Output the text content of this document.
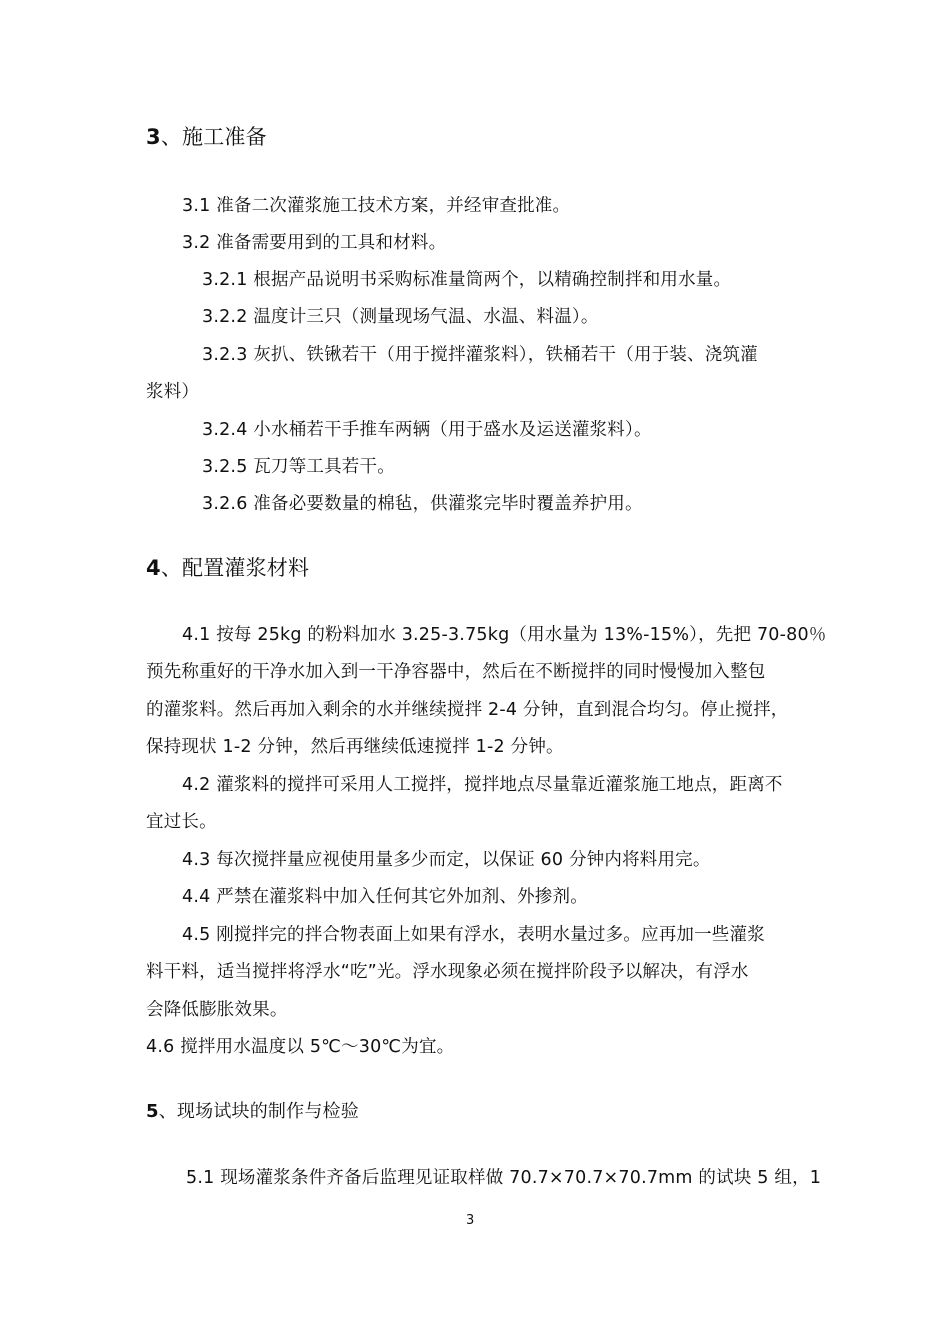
3、施工准备
3.1 准备二次灌浆施工技术方案，并经审查批准。
3.2 准备需要用到的工具和材料。
3.2.1 根据产品说明书采购标准量筒两个，以精确控制拌和用水量。
3.2.2 温度计三只（测量现场气温、水温、料温）。
3.2.3 灰扒、铁锹若干（用于搅拌灌浆料），铁桶若干（用于装、浇筑灌
浆料）
3.2.4 小水桶若干手推车两辆（用于盛水及运送灌浆料）。
3.2.5 瓦刀等工具若干。
3.2.6 准备必要数量的棉毡，供灌浆完毕时覆盖养护用。
4、配置灌浆材料
4.1 按每 25kg 的粉料加水 3.25-3.75kg（用水量为 13%-15%），先把 70-80％
预先称重好的干净水加入到一干净容器中，然后在不断搅拌的同时慢慢加入整包
的灌浆料。然后再加入剩余的水并继续搅拌 2-4 分钟，直到混合均匀。停止搅拌，
保持现状 1-2 分钟，然后再继续低速搅拌 1-2 分钟。
4.2 灌浆料的搅拌可采用人工搅拌，搅拌地点尽量靠近灌浆施工地点，距离不
宜过长。
4.3 每次搅拌量应视使用量多少而定，以保证 60 分钟内将料用完。
4.4 严禁在灌浆料中加入任何其它外加剂、外掺剂。
4.5 刚搅拌完的拌合物表面上如果有浮水，表明水量过多。应再加一些灌浆
料干料，适当搅拌将浮水“吃”光。浮水现象必须在搅拌阶段予以解决，有浮水
会降低膨胀效果。
4.6 搅拌用水温度以 5℃～30℃为宜。
5、现场试块的制作与检验
5.1 现场灌浆条件齐备后监理见证取样做 70.7×70.7×70.7mm 的试块 5 组，1
3
